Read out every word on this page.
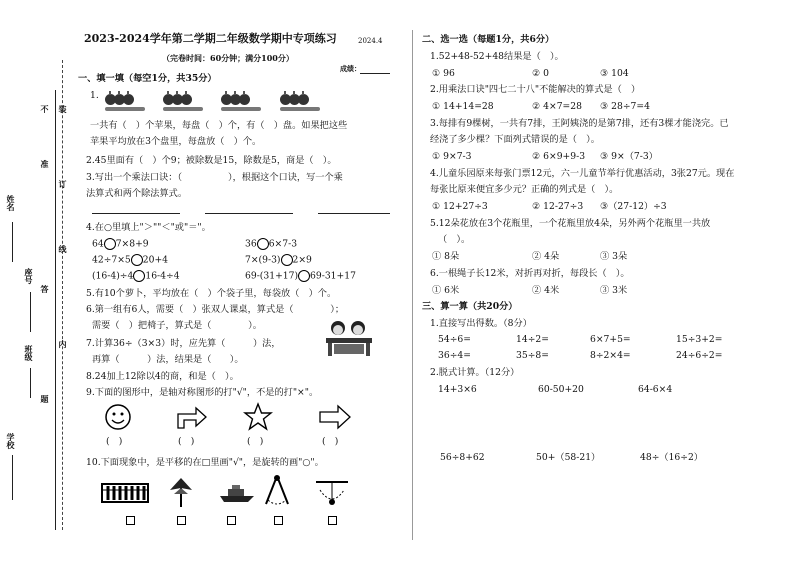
装
订
线
内
不
准
答
题
姓名
座号
班级
学校
2023-2024学年第二学期二年级数学期中专项练习	2024.4
（完卷时间：60分钟；满分100分）
成绩：
一、填一填（每空1分，共35分）
1.
一共有（　）个苹果，每盘（　）个，有（　）盘。如果把这些
苹果平均放在3个盘里，每盘放（　）个。
2.45里面有（　）个9；被除数是15，除数是5，商是（　）。
3.写出一个乘法口诀：（　　　　　），根据这个口诀，写一个乘
法算式和两个除法算式。
4.在○里填上"＞""＜"或"＝"。
64 7×8+9	36 6×7-3
42÷7×5 20+4	7×(9-3) 2×9
(16-4)÷4 16-4÷4	69-(31+17) 69-31+17
5.有10个萝卜，平均放在（　）个袋子里，每袋放（　）个。
6.第一组有6人，需要（　）张双人课桌，算式是（　　　　）；
需要（　）把椅子，算式是（　　　　）。
7.计算36÷（3×3）时，应先算（　　　）法，
再算（　　　）法，结果是（　　）。
8.24加上12除以4的商，和是（　）。
9.下面的图形中，是轴对称图形的打"√"，不是的打"×"。
(　)	(　)	(　)	(　)
10.下面现象中，是平移的在□里画"√"，是旋转的画"○"。
二、选一选（每题1分，共6分）
1.52+48-52+48结果是（　）。
① 96	② 0	③ 104
2.用乘法口诀"四七二十八"不能解决的算式是（　）
① 14+14=28	② 4×7=28 ③ 28÷7=4
3.每排有9棵树，一共有7排，王阿姨浇的是第7排，还有3棵才能浇完。已
经浇了多少棵？下面列式错误的是（　）。
① 9×7-3	② 6×9+9-3 ③ 9×（7-3）
4.儿童乐园原来每张门票12元，六一儿童节举行优惠活动，3张27元。现在
每张比原来便宜多少元？正确的列式是（　）。
① 12+27÷3	② 12-27÷3 ③（27-12）÷3
5.12朵花放在3个花瓶里，一个花瓶里放4朵，另外两个花瓶里一共放
（　）。
① 8朵	② 4朵	③ 3朵
6.一根绳子长12米，对折再对折，每段长（　）。
① 6米	② 4米	③ 3米
三、算一算（共20分）
1.直接写出得数。（8分）
54÷6=	14÷2=	6×7+5=	15÷3+2=
36÷4=	35÷8=	8÷2×4=	24÷6÷2=
2.脱式计算。（12分）
14+3×6	60-50+20	64-6×4
56÷8+62	50+（58-21）	48÷（16÷2）
